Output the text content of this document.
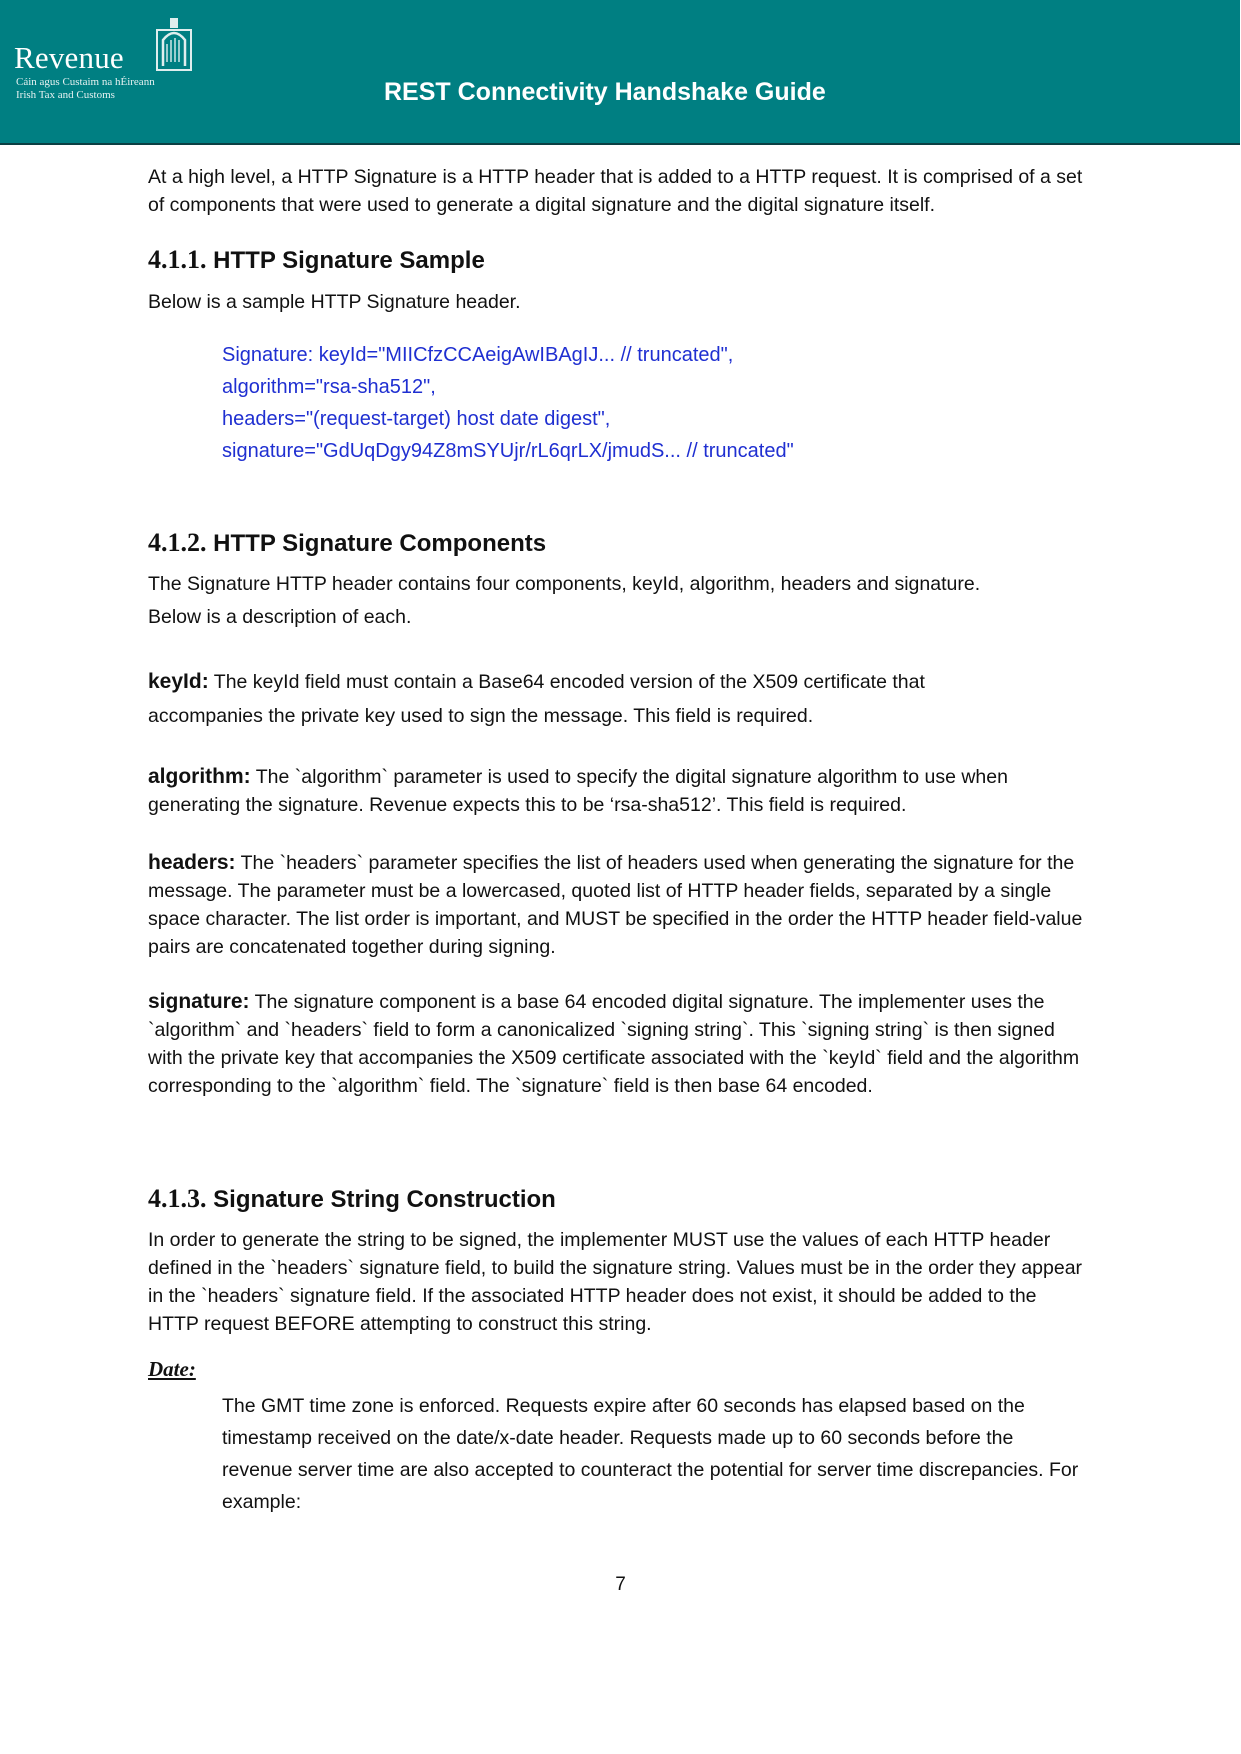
Revenue
Cáin agus Custaim na hÉireann
Irish Tax and Customs	REST Connectivity Handshake Guide

At a high level, a HTTP Signature is a HTTP header that is added to a HTTP request. It is comprised of a set of components that were used to generate a digital signature and the digital signature itself.

4.1.1. HTTP Signature Sample

Below is a sample HTTP Signature header.

Signature: keyId="MIICfzCCAeigAwIBAgIJ... // truncated",
algorithm="rsa-sha512",
headers="(request-target) host date digest",
signature="GdUqDgy94Z8mSYUjr/rL6qrLX/jmudS... // truncated"
4.1.2. HTTP Signature Components

The Signature HTTP header contains four components, keyId, algorithm, headers and signature.

Below is a description of each.

keyId: The keyId field must contain a Base64 encoded version of the X509 certificate that

accompanies the private key used to sign the message. This field is required.

algorithm: The `algorithm` parameter is used to specify the digital signature algorithm to use when generating the signature. Revenue expects this to be ‘rsa-sha512’. This field is required.

headers: The `headers` parameter specifies the list of headers used when generating the signature for the message. The parameter must be a lowercased, quoted list of HTTP header fields, separated by a single space character. The list order is important, and MUST be specified in the order the HTTP header field-value pairs are concatenated together during signing.

signature: The signature component is a base 64 encoded digital signature. The implementer uses the `algorithm` and `headers` field to form a canonicalized `signing string`. This `signing string` is then signed with the private key that accompanies the X509 certificate associated with the `keyId` field and the algorithm corresponding to the `algorithm` field. The `signature` field is then base 64 encoded.

4.1.3. Signature String Construction

In order to generate the string to be signed, the implementer MUST use the values of each HTTP header defined in the `headers` signature field, to build the signature string. Values must be in the order they appear in the `headers` signature field. If the associated HTTP header does not exist, it should be added to the HTTP request BEFORE attempting to construct this string.

Date:

The GMT time zone is enforced. Requests expire after 60 seconds has elapsed based on the timestamp received on the date/x-date header. Requests made up to 60 seconds before the revenue server time are also accepted to counteract the potential for server time discrepancies. For example:

7
